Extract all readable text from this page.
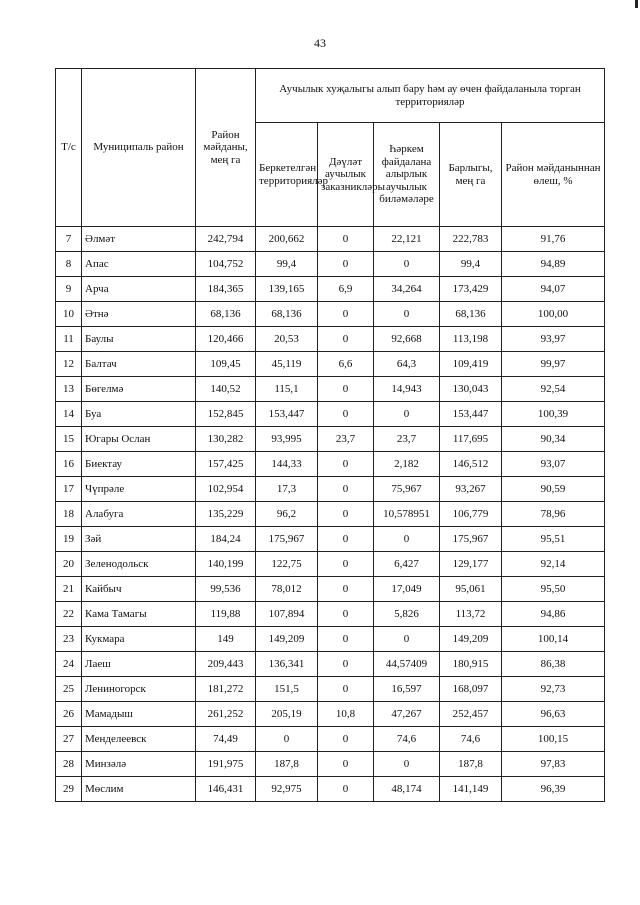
43
Т/с	Муниципаль район	Район мәйданы, мең га	Аучылык хуҗалыгы алып бару һәм ау өчен файдаланыла торган территорияләр				
			Беркетелгән территорияләр	Дәүләт аучылык заказникләры	Һәркем файдалана алырлык аучылык биләмәләре	Барлыгы, мең га	Район мәйданыннан өлеш, %
7	Әлмәт	242,794	200,662	0	22,121	222,783	91,76
8	Апас	104,752	99,4	0	0	99,4	94,89
9	Арча	184,365	139,165	6,9	34,264	173,429	94,07
10	Әтнә	68,136	68,136	0	0	68,136	100,00
11	Баулы	120,466	20,53	0	92,668	113,198	93,97
12	Балтач	109,45	45,119	6,6	64,3	109,419	99,97
13	Бөгелмә	140,52	115,1	0	14,943	130,043	92,54
14	Буа	152,845	153,447	0	0	153,447	100,39
15	Югары Ослан	130,282	93,995	23,7	23,7	117,695	90,34
16	Биектау	157,425	144,33	0	2,182	146,512	93,07
17	Чүпрәле	102,954	17,3	0	75,967	93,267	90,59
18	Алабуга	135,229	96,2	0	10,578951	106,779	78,96
19	Зәй	184,24	175,967	0	0	175,967	95,51
20	Зеленодольск	140,199	122,75	0	6,427	129,177	92,14
21	Кайбыч	99,536	78,012	0	17,049	95,061	95,50
22	Кама Тамагы	119,88	107,894	0	5,826	113,72	94,86
23	Кукмара	149	149,209	0	0	149,209	100,14
24	Лаеш	209,443	136,341	0	44,57409	180,915	86,38
25	Лениногорск	181,272	151,5	0	16,597	168,097	92,73
26	Мамадыш	261,252	205,19	10,8	47,267	252,457	96,63
27	Менделеевск	74,49	0	0	74,6	74,6	100,15
28	Минзәлә	191,975	187,8	0	0	187,8	97,83
29	Мөслим	146,431	92,975	0	48,174	141,149	96,39
